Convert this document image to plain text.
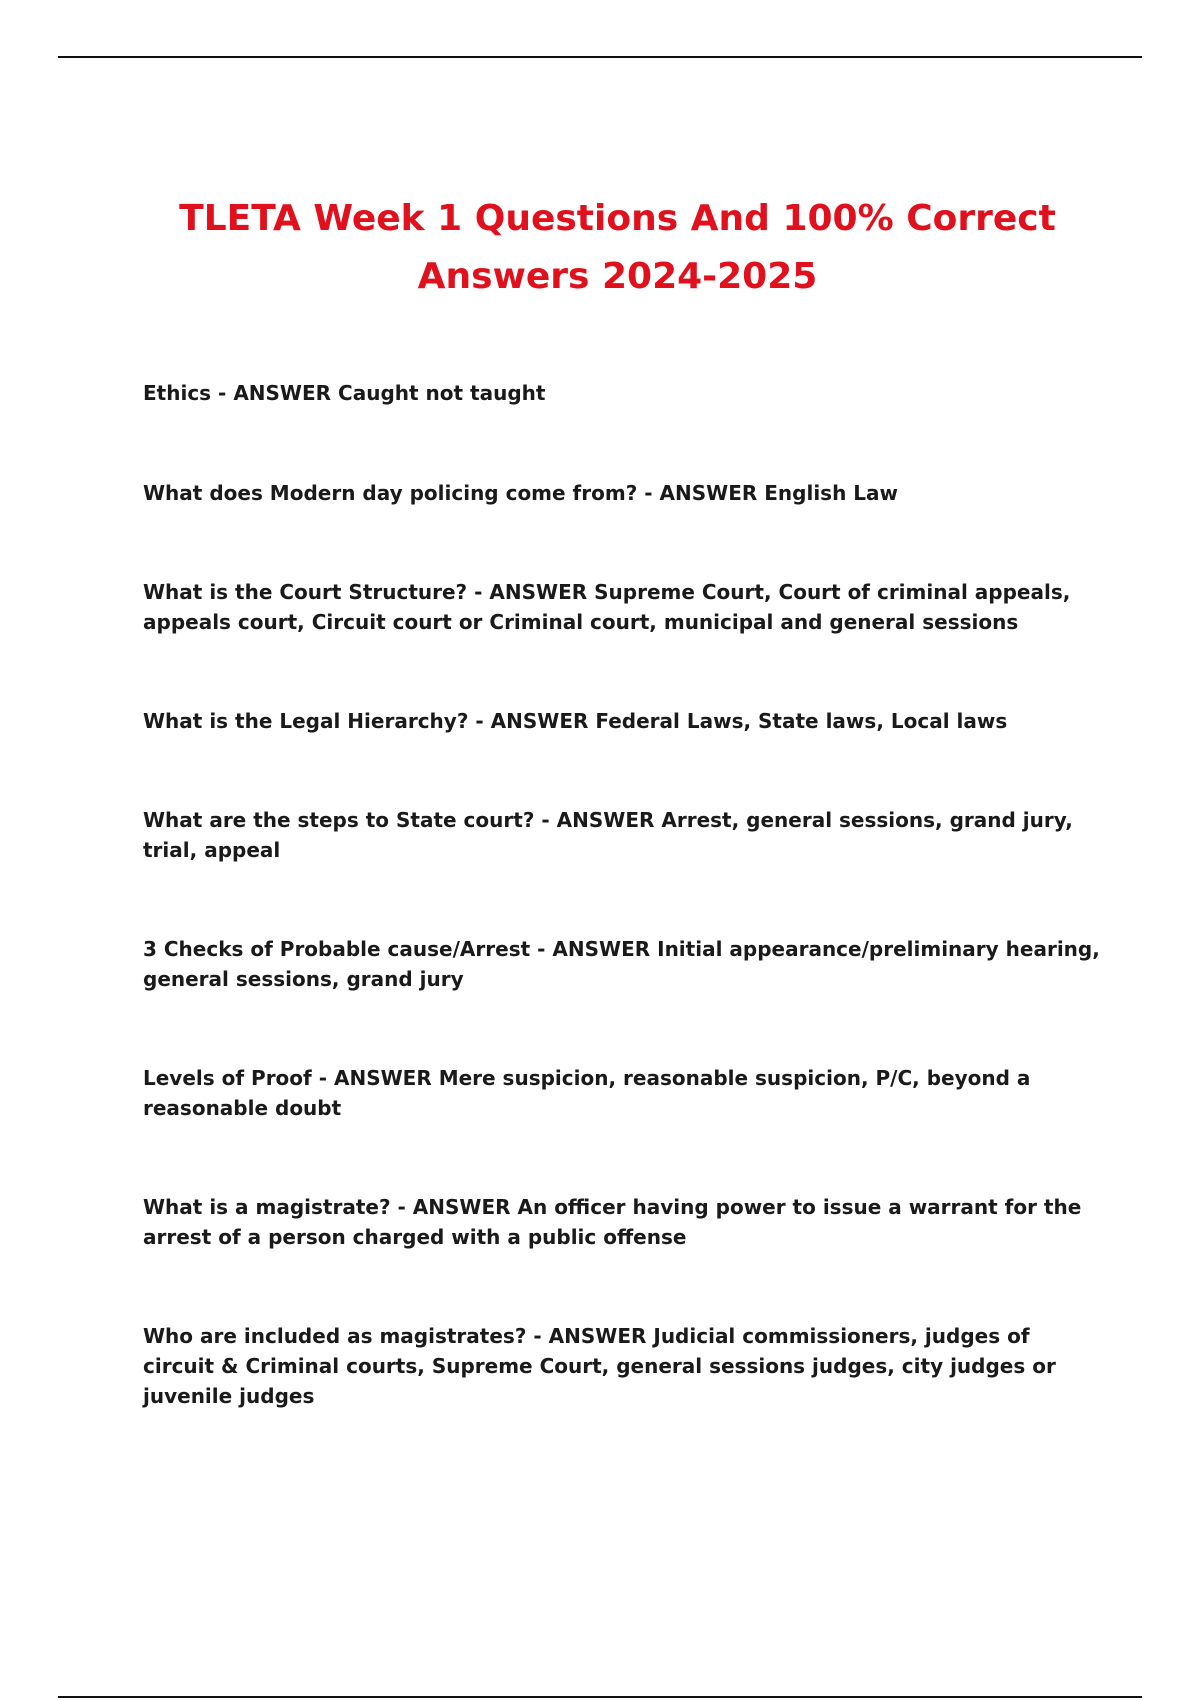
TLETA Week 1 Questions And 100% Correct
Answers 2024-2025

Ethics - ANSWER Caught not taught

What does Modern day policing come from? - ANSWER English Law

What is the Court Structure? - ANSWER Supreme Court, Court of criminal appeals, appeals court, Circuit court or Criminal court, municipal and general sessions

What is the Legal Hierarchy? - ANSWER Federal Laws, State laws, Local laws

What are the steps to State court? - ANSWER Arrest, general sessions, grand jury, trial, appeal

3 Checks of Probable cause/Arrest - ANSWER Initial appearance/preliminary hearing, general sessions, grand jury

Levels of Proof - ANSWER Mere suspicion, reasonable suspicion, P/C, beyond a reasonable doubt

What is a magistrate? - ANSWER An officer having power to issue a warrant for the arrest of a person charged with a public offense

Who are included as magistrates? - ANSWER Judicial commissioners, judges of circuit & Criminal courts, Supreme Court, general sessions judges, city judges or juvenile judges
